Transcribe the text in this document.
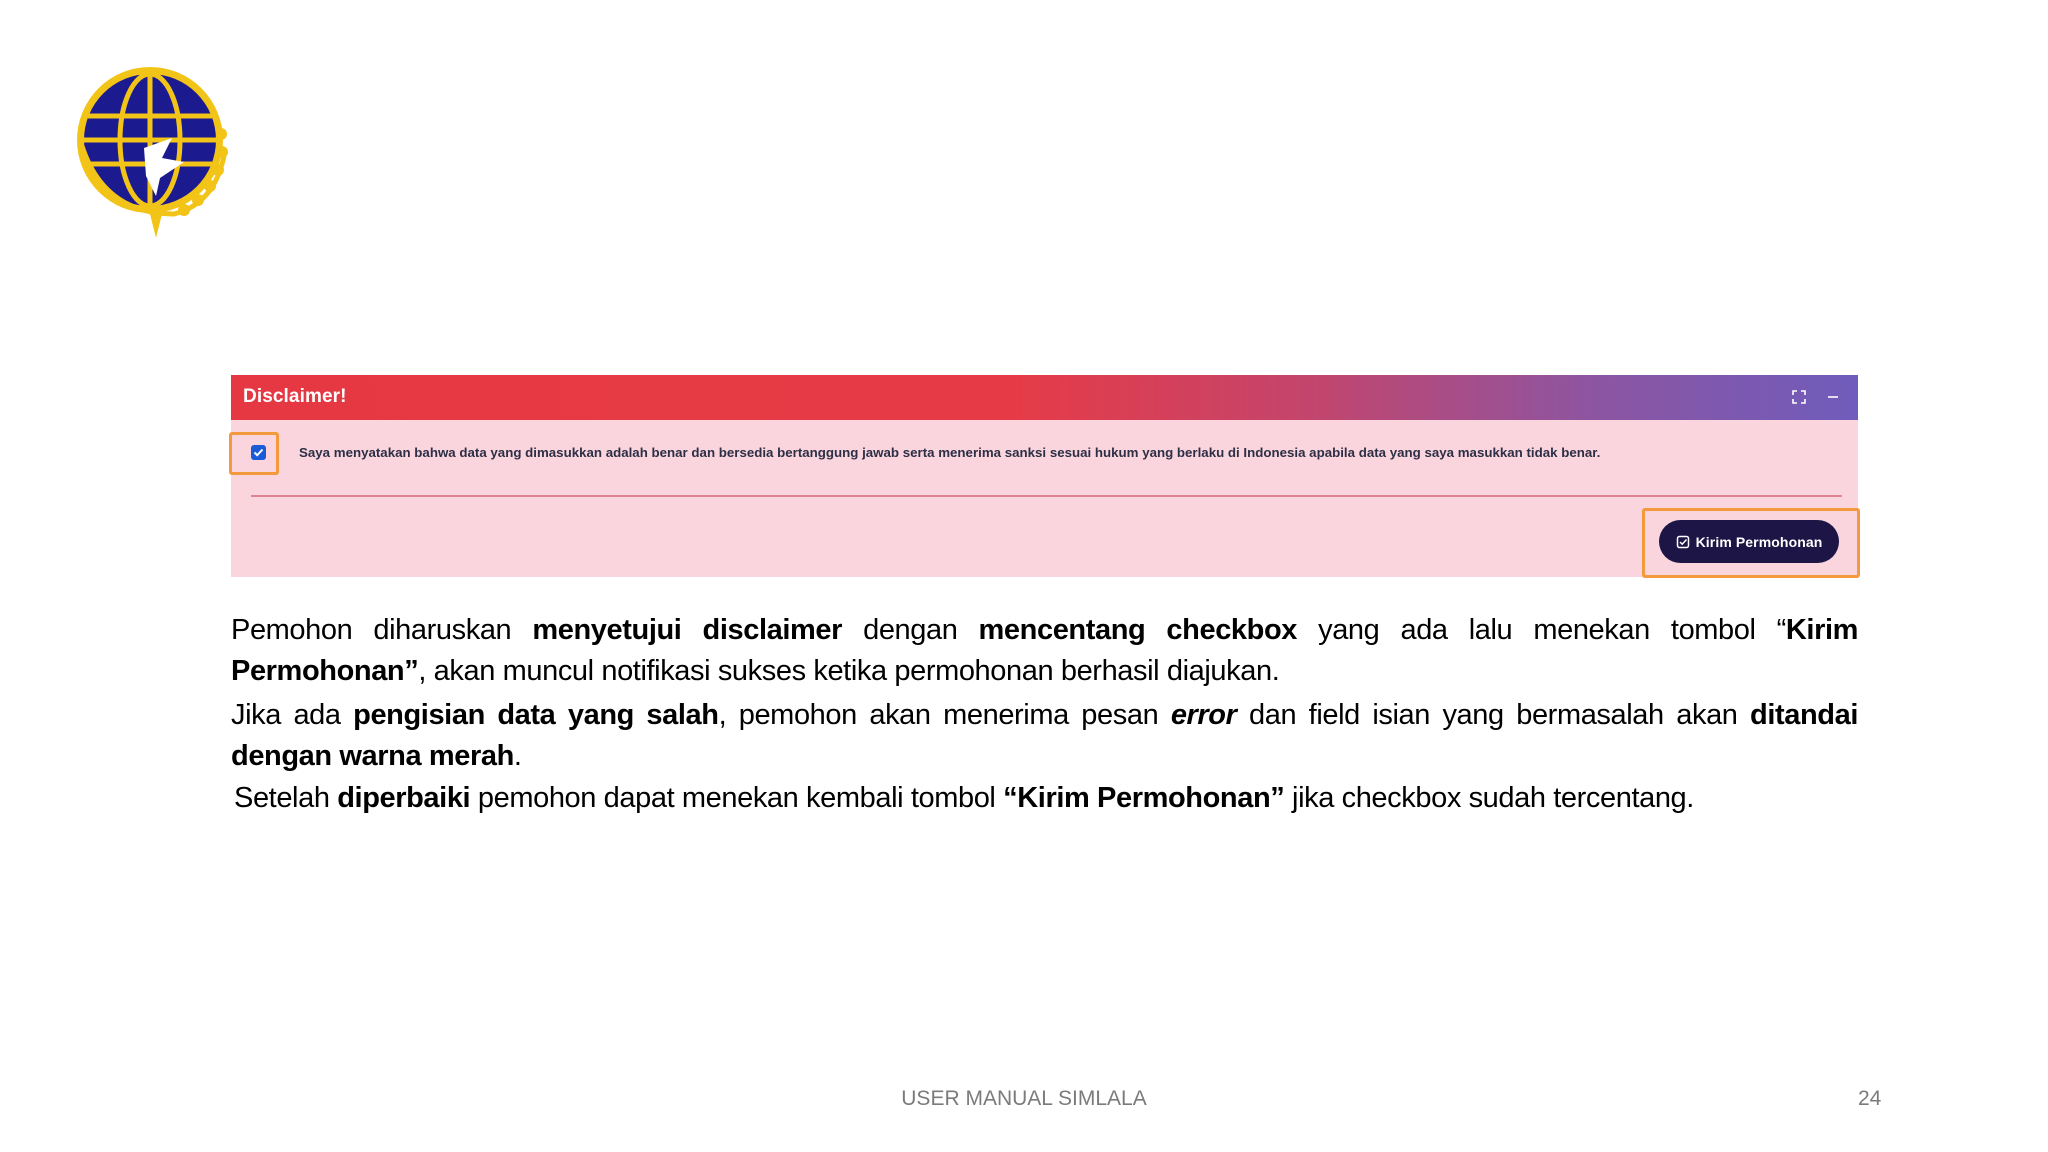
Disclaimer!
Saya menyatakan bahwa data yang dimasukkan adalah benar dan bersedia bertanggung jawab serta menerima sanksi sesuai hukum yang berlaku di Indonesia apabila data yang saya masukkan tidak benar.
Kirim Permohonan

Pemohon diharuskan menyetujui disclaimer dengan mencentang checkbox yang ada lalu menekan tombol “Kirim Permohonan”, akan muncul notifikasi sukses ketika permohonan berhasil diajukan.

Jika ada pengisian data yang salah, pemohon akan menerima pesan error dan field isian yang bermasalah akan ditandai dengan warna merah.

Setelah diperbaiki pemohon dapat menekan kembali tombol “Kirim Permohonan” jika checkbox sudah tercentang.

USER MANUAL SIMLALA	24
